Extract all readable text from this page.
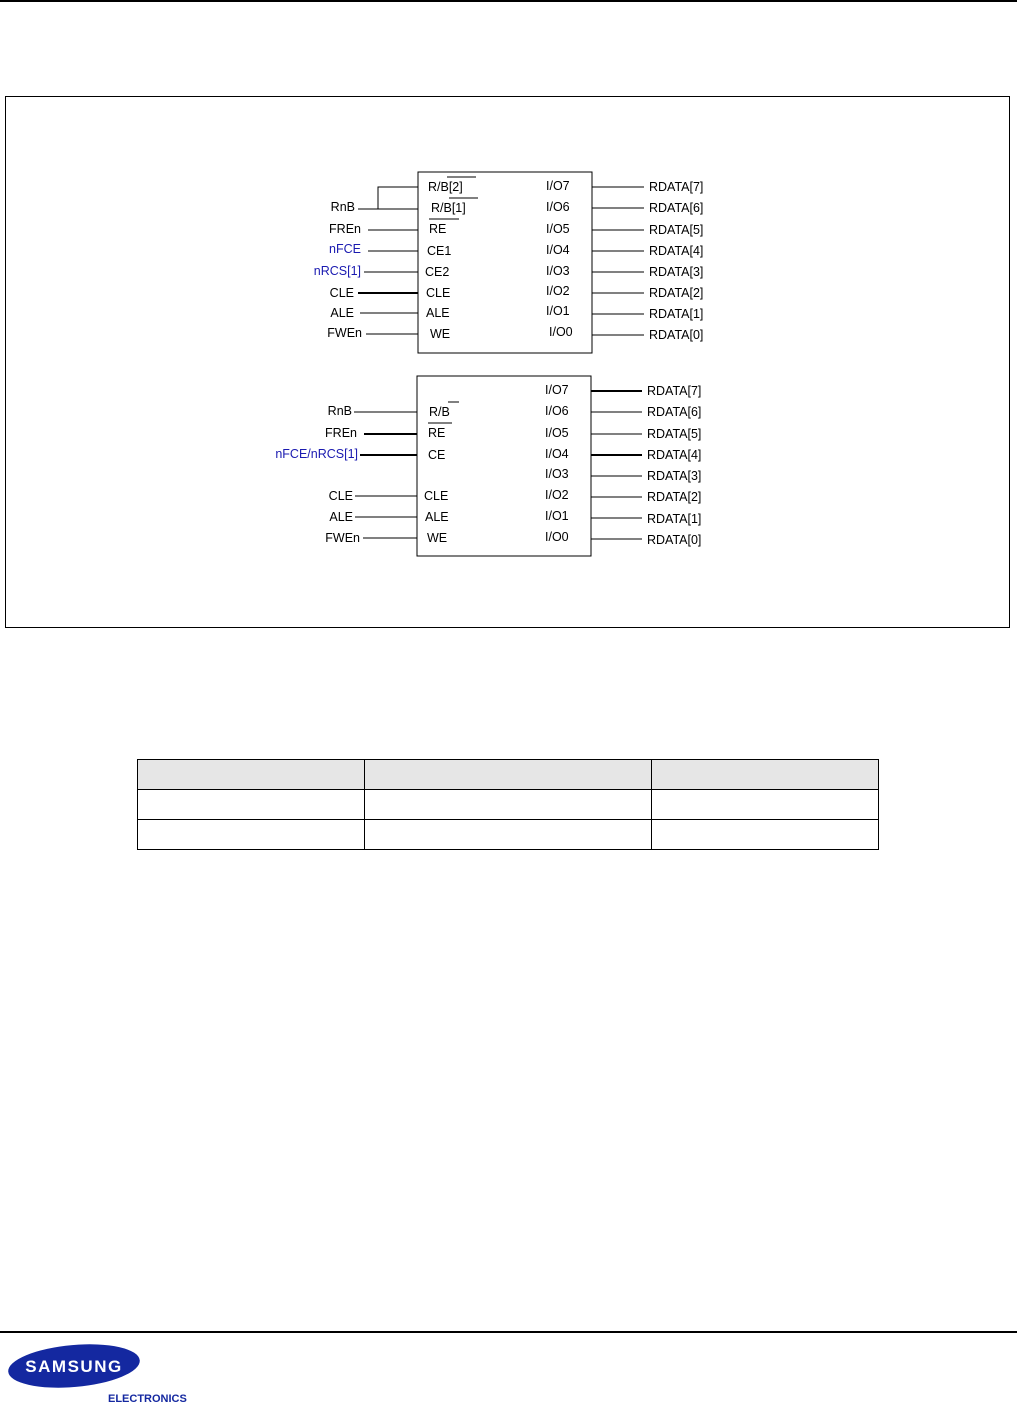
R/B[2]
R/B[1]
RE
CE1
CE2
CLE
ALE
WE
I/O7
I/O6
I/O5
I/O4
I/O3
I/O2
I/O1
I/O0
RnB
FREn
nFCE
nRCS[1]
CLE
ALE
FWEn
RDATA[7]
RDATA[6]
RDATA[5]
RDATA[4]
RDATA[3]
RDATA[2]
RDATA[1]
RDATA[0]
R/B
RE
CE
CLE
ALE
WE
I/O7
I/O6
I/O5
I/O4
I/O3
I/O2
I/O1
I/O0
RnB
FREn
nFCE/nRCS[1]
CLE
ALE
FWEn
RDATA[7]
RDATA[6]
RDATA[5]
RDATA[4]
RDATA[3]
RDATA[2]
RDATA[1]
RDATA[0]

SAMSUNG
ELECTRONICS
